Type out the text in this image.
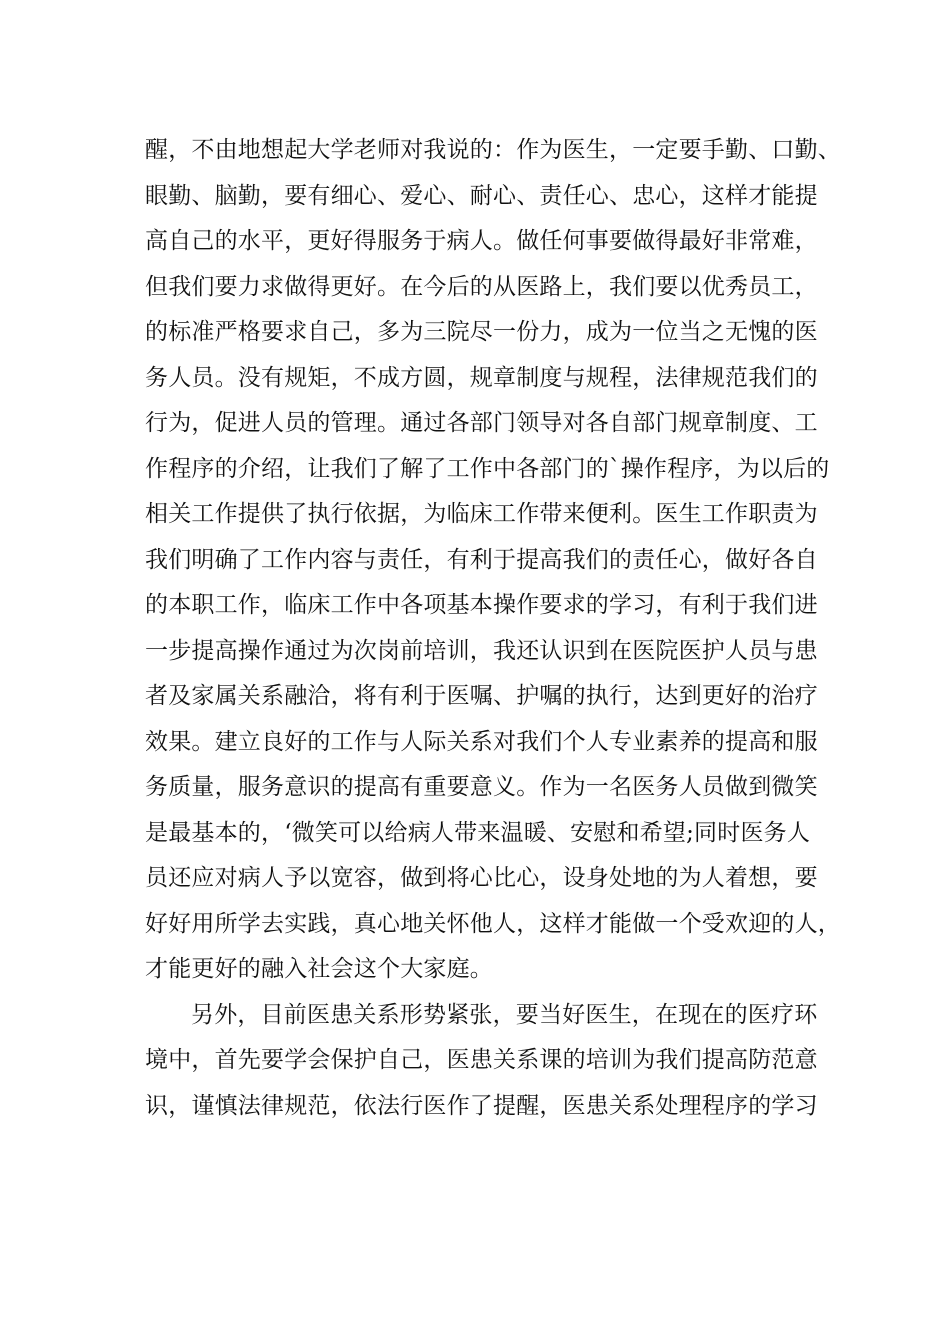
醒，不由地想起大学老师对我说的：作为医生，一定要手勤、口勤、
眼勤、脑勤，要有细心、爱心、耐心、责任心、忠心，这样才能提
高自己的水平，更好得服务于病人。做任何事要做得最好非常难，
但我们要力求做得更好。在今后的从医路上，我们要以优秀员工，
的标准严格要求自己，多为三院尽一份力，成为一位当之无愧的医
务人员。没有规矩，不成方圆，规章制度与规程，法律规范我们的
行为，促进人员的管理。通过各部门领导对各自部门规章制度、工
作程序的介绍，让我们了解了工作中各部门的`操作程序，为以后的
相关工作提供了执行依据，为临床工作带来便利。医生工作职责为
我们明确了工作内容与责任，有利于提高我们的责任心，做好各自
的本职工作，临床工作中各项基本操作要求的学习，有利于我们进
一步提高操作通过为次岗前培训，我还认识到在医院医护人员与患
者及家属关系融洽，将有利于医嘱、护嘱的执行，达到更好的治疗
效果。建立良好的工作与人际关系对我们个人专业素养的提高和服
务质量，服务意识的提高有重要意义。作为一名医务人员做到微笑
是最基本的，‘微笑可以给病人带来温暖、安慰和希望;同时医务人
员还应对病人予以宽容，做到将心比心，设身处地的为人着想，要
好好用所学去实践，真心地关怀他人，这样才能做一个受欢迎的人，
才能更好的融入社会这个大家庭。
另外，目前医患关系形势紧张，要当好医生，在现在的医疗环
境中，首先要学会保护自己，医患关系课的培训为我们提高防范意
识，谨慎法律规范，依法行医作了提醒，医患关系处理程序的学习
